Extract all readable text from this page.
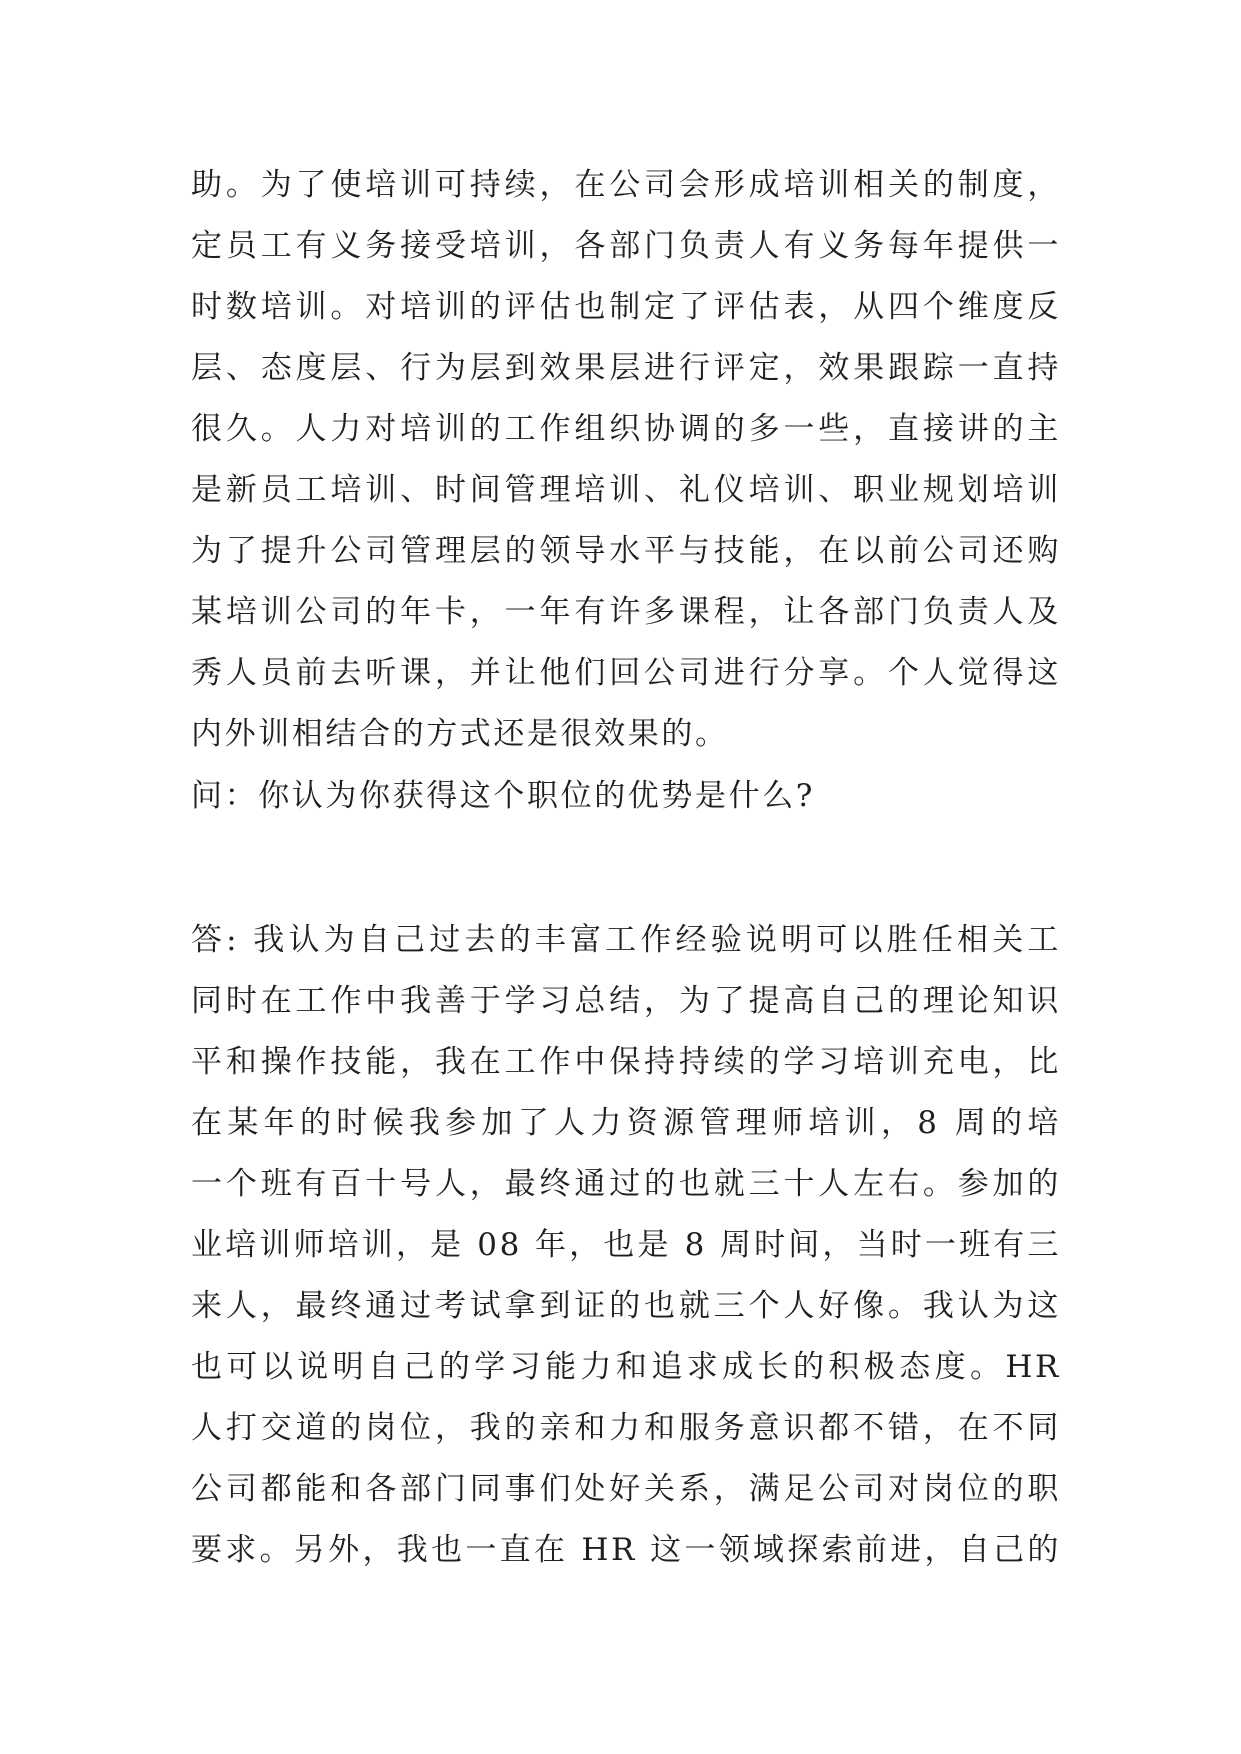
助。为了使培训可持续，在公司会形成培训相关的制度，
定员工有义务接受培训，各部门负责人有义务每年提供一
时数培训。对培训的评估也制定了评估表，从四个维度反
层、态度层、行为层到效果层进行评定，效果跟踪一直持
很久。人力对培训的工作组织协调的多一些，直接讲的主
是新员工培训、时间管理培训、礼仪培训、职业规划培训
为了提升公司管理层的领导水平与技能，在以前公司还购
某培训公司的年卡，一年有许多课程，让各部门负责人及
秀人员前去听课，并让他们回公司进行分享。个人觉得这
内外训相结合的方式还是很效果的。
问：你认为你获得这个职位的优势是什么?
答: 我认为自己过去的丰富工作经验说明可以胜任相关工
同时在工作中我善于学习总结，为了提高自己的理论知识
平和操作技能，我在工作中保持持续的学习培训充电，比
在某年的时候我参加了人力资源管理师培训，8 周的培
一个班有百十号人，最终通过的也就三十人左右。参加的
业培训师培训，是 08 年，也是 8 周时间，当时一班有三
来人，最终通过考试拿到证的也就三个人好像。我认为这
也可以说明自己的学习能力和追求成长的积极态度。HR
人打交道的岗位，我的亲和力和服务意识都不错，在不同
公司都能和各部门同事们处好关系，满足公司对岗位的职
要求。另外，我也一直在 HR 这一领域探索前进，自己的
